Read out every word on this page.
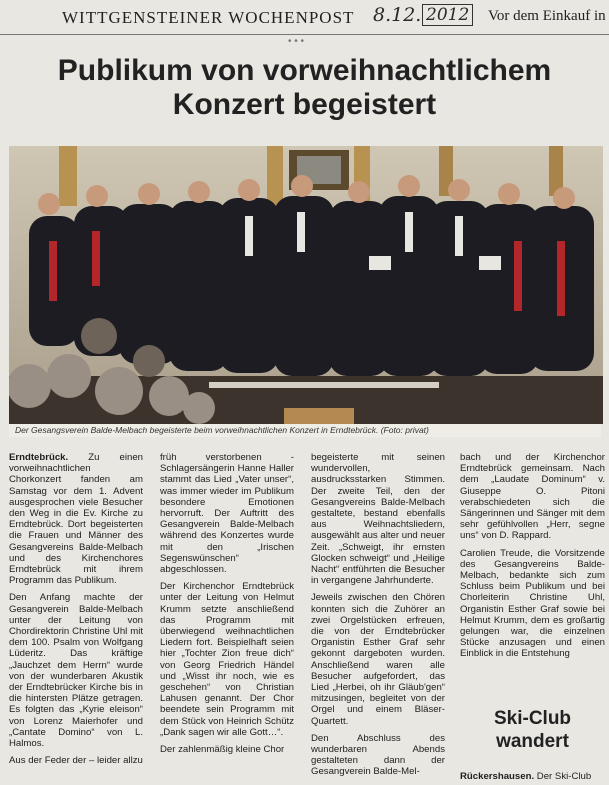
WITTGENSTEINER WOCHENPOST 8.12. 2012 Vor dem Einkauf in
• • •
Publikum von vorweihnachtlichem Konzert begeistert
Der Gesangsverein Balde-Melbach begeisterte beim vorweihnachtlichen Konzert in Erndtebrück. (Foto: privat)

Erndtebrück. Zu einen vorweihnachtlichen Chorkonzert fanden am Samstag vor dem 1. Advent ausgesprochen viele Besucher den Weg in die Ev. Kirche zu Erndtebrück. Dort begeisterten die Frauen und Männer des Gesangvereins Balde-Melbach und des Kirchenchores Erndtebrück mit ihrem Programm das Publikum.

Den Anfang machte der Gesangverein Balde-Melbach unter der Leitung von Chordirektorin Christine Uhl mit dem 100. Psalm von Wolfgang Lüderitz. Das kräftige „Jauchzet dem Herrn“ wurde von der wunderbaren Akustik der Erndtebrücker Kirche bis in die hintersten Plätze getragen. Es folgten das „Kyrie eleison“ von Lorenz Maierhofer und „Cantate Domino“ von L. Halmos.

Aus der Feder der – leider allzu

früh verstorbenen - Schlagersängerin Hanne Haller stammt das Lied „Vater unser“, was immer wieder im Publikum besondere Emotionen hervorruft. Der Auftritt des Gesangverein Balde-Melbach während des Konzertes wurde mit den „Irischen Segenswünschen“ abgeschlossen.

Der Kirchenchor Erndtebrück unter der Leitung von Helmut Krumm setzte anschließend das Programm mit überwiegend weihnachtlichen Liedern fort. Beispielhaft seien hier „Tochter Zion freue dich“ von Georg Friedrich Händel und „Wisst ihr noch, wie es geschehen“ von Christian Lahusen genannt. Der Chor beendete sein Programm mit dem Stück von Heinrich Schütz „Dank sagen wir alle Gott…“.

Der zahlenmäßig kleine Chor

begeisterte mit seinen wundervollen, ausdrucksstarken Stimmen. Der zweite Teil, den der Gesangvereins Balde-Melbach gestaltete, bestand ebenfalls aus Weihnachtsliedern, ausgewählt aus alter und neuer Zeit. „Schweigt, ihr ernsten Glocken schweigt“ und „Heilige Nacht“ entführten die Besucher in vergangene Jahrhunderte.

Jeweils zwischen den Chören konnten sich die Zuhörer an zwei Orgelstücken erfreuen, die von der Erndtebrücker Organistin Esther Graf sehr gekonnt dargeboten wurden. Anschließend waren alle Besucher aufgefordert, das Lied „Herbei, oh ihr Gläub'gen“ mitzusingen, begleitet von der Orgel und einem Bläser-Quartett.

Den Abschluss des wunderbaren Abends gestalteten dann der Gesangverein Balde-Mel-

bach und der Kirchenchor Erndtebrück gemeinsam. Nach dem „Laudate Dominum“ v. Giuseppe O. Pitoni verabschiedeten sich die Sängerinnen und Sänger mit dem sehr gefühlvollen „Herr, segne uns“ von D. Rappard.

Carolien Treude, die Vorsitzende des Gesangvereins Balde-Melbach, bedankte sich zum Schluss beim Publikum und bei Chorleiterin Christine Uhl, Organistin Esther Graf sowie bei Helmut Krumm, dem es großartig gelungen war, die einzelnen Stücke anzusagen und einen Einblick in die Entstehung

Ski-Club wandert
Rückershausen. Der Ski-Club
